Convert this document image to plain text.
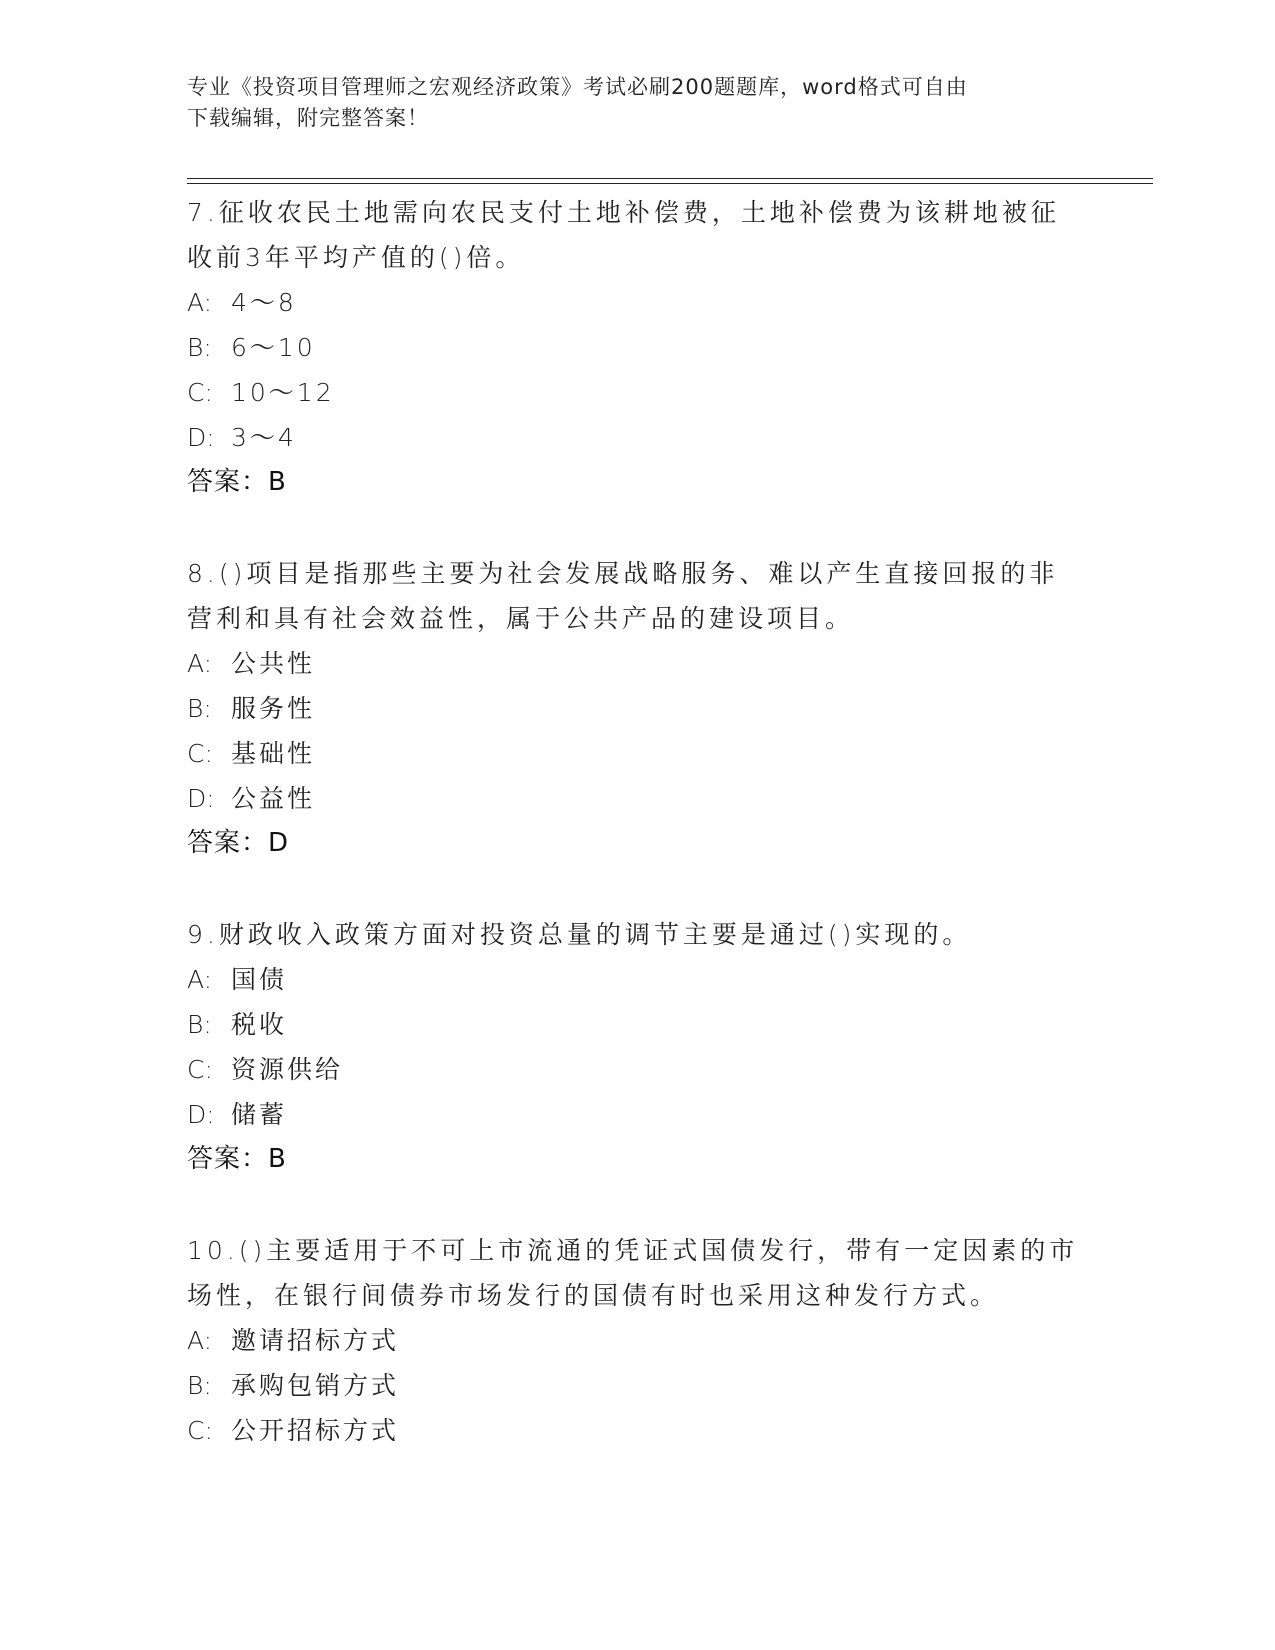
专业《投资项目管理师之宏观经济政策》考试必刷200题题库，word格式可自由
下载编辑，附完整答案！

7.征收农民土地需向农民支付土地补偿费，土地补偿费为该耕地被征

收前3年平均产值的()倍。

A: 4～8

B: 6～10

C: 10～12

D: 3～4

答案：B

8.()项目是指那些主要为社会发展战略服务、难以产生直接回报的非

营利和具有社会效益性，属于公共产品的建设项目。

A: 公共性

B: 服务性

C: 基础性

D: 公益性

答案：D

9.财政收入政策方面对投资总量的调节主要是通过()实现的。

A: 国债

B: 税收

C: 资源供给

D: 储蓄

答案：B

10.()主要适用于不可上市流通的凭证式国债发行，带有一定因素的市

场性，在银行间债券市场发行的国债有时也采用这种发行方式。

A: 邀请招标方式

B: 承购包销方式

C: 公开招标方式
